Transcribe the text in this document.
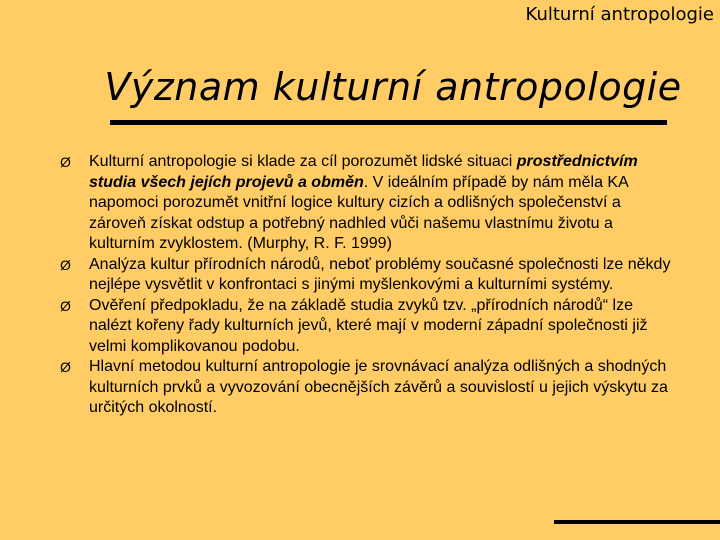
Kulturní antropologie
Význam kulturní antropologie
Ø Kulturní antropologie si klade za cíl porozumět lidské situaci prostřednictvím studia všech jejích projevů a obměn. V ideálním případě by nám měla KA napomoci porozumět vnitřní logice kultury cizích a odlišných společenství a zároveň získat odstup a potřebný nadhled vůči našemu vlastnímu životu a kulturním zvyklostem. (Murphy, R. F. 1999)
Ø Analýza kultur přírodních národů, neboť problémy současné společnosti lze někdy nejlépe vysvětlit v konfrontaci s jinými myšlenkovými a kulturními systémy.
Ø Ověření předpokladu, že na základě studia zvyků tzv. „přírodních národů“ lze nalézt kořeny řady kulturních jevů, které mají v moderní západní společnosti již velmi komplikovanou podobu.
Ø Hlavní metodou kulturní antropologie je srovnávací analýza odlišných a shodných kulturních prvků a vyvozování obecnějších závěrů a souvislostí u jejich výskytu za určitých okolností.
